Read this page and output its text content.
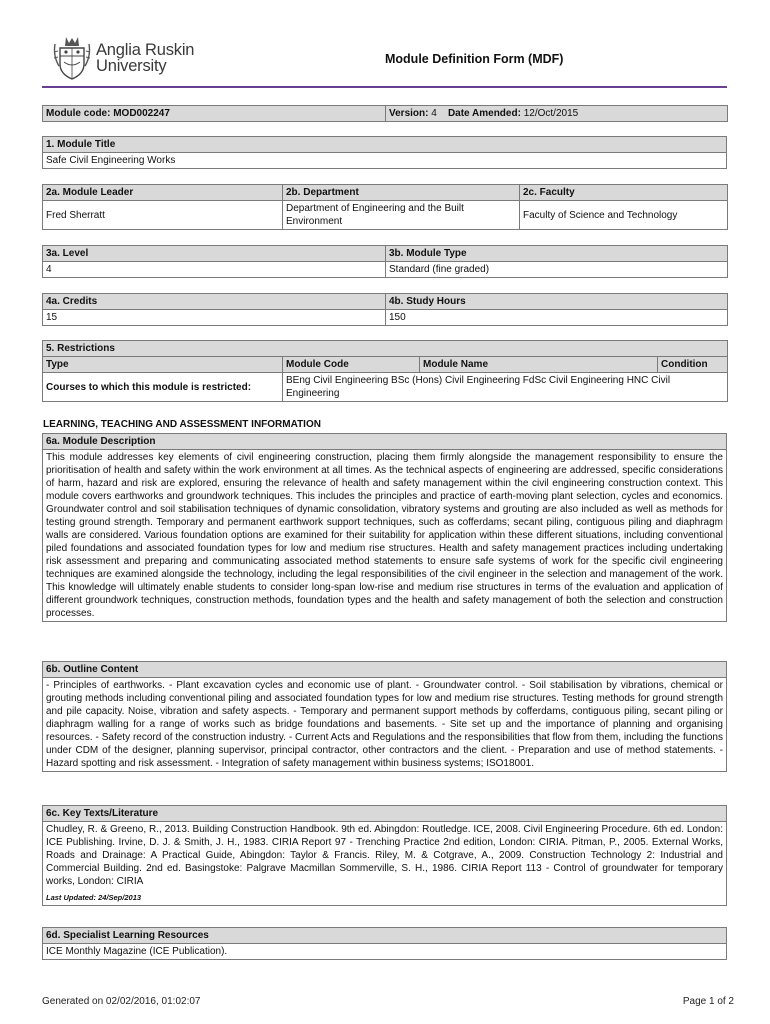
Anglia Ruskin
University	Module Definition Form (MDF)
Module code: MOD002247	Version: 4 Date Amended: 12/Oct/2015
1. Module Title
Safe Civil Engineering Works
2a. Module Leader	2b. Department	2c. Faculty
Fred Sherratt	Department of Engineering and the Built Environment	Faculty of Science and Technology
3a. Level	3b. Module Type
4	Standard (fine graded)
4a. Credits	4b. Study Hours
15	150
5. Restrictions			
Type	Module Code	Module Name	Condition
Courses to which this module is restricted:	BEng Civil Engineering BSc (Hons) Civil Engineering FdSc Civil Engineering HNC Civil Engineering		
LEARNING, TEACHING AND ASSESSMENT INFORMATION
6a. Module Description
This module addresses key elements of civil engineering construction, placing them firmly alongside the management responsibility to ensure the prioritisation of health and safety within the work environment at all times. As the technical aspects of engineering are addressed, specific considerations of harm, hazard and risk are explored, ensuring the relevance of health and safety management within the civil engineering construction context. This module covers earthworks and groundwork techniques. This includes the principles and practice of earth-moving plant selection, cycles and economics. Groundwater control and soil stabilisation techniques of dynamic consolidation, vibratory systems and grouting are also included as well as methods for testing ground strength. Temporary and permanent earthwork support techniques, such as cofferdams; secant piling, contiguous piling and diaphragm walls are considered. Various foundation options are examined for their suitability for application within these different situations, including conventional piled foundations and associated foundation types for low and medium rise structures. Health and safety management practices including undertaking risk assessment and preparing and communicating associated method statements to ensure safe systems of work for the specific civil engineering techniques are examined alongside the technology, including the legal responsibilities of the civil engineer in the selection and management of the work. This knowledge will ultimately enable students to consider long-span low-rise and medium rise structures in terms of the evaluation and application of different groundwork techniques, construction methods, foundation types and the health and safety management of both the selection and construction processes.
6b. Outline Content
- Principles of earthworks. - Plant excavation cycles and economic use of plant. - Groundwater control. - Soil stabilisation by vibrations, chemical or grouting methods including conventional piling and associated foundation types for low and medium rise structures. Testing methods for ground strength and pile capacity. Noise, vibration and safety aspects. - Temporary and permanent support methods by cofferdams, contiguous piling, secant piling or diaphragm walling for a range of works such as bridge foundations and basements. - Site set up and the importance of planning and organising resources. - Safety record of the construction industry. - Current Acts and Regulations and the responsibilities that flow from them, including the functions under CDM of the designer, planning supervisor, principal contractor, other contractors and the client. - Preparation and use of method statements. - Hazard spotting and risk assessment. - Integration of safety management within business systems; ISO18001.
6c. Key Texts/Literature
Chudley, R. & Greeno, R., 2013. Building Construction Handbook. 9th ed. Abingdon: Routledge. ICE, 2008. Civil Engineering Procedure. 6th ed. London: ICE Publishing. Irvine, D. J. & Smith, J. H., 1983. CIRIA Report 97 - Trenching Practice 2nd edition, London: CIRIA. Pitman, P., 2005. External Works, Roads and Drainage: A Practical Guide, Abingdon: Taylor & Francis. Riley, M. & Cotgrave, A., 2009. Construction Technology 2: Industrial and Commercial Building. 2nd ed. Basingstoke: Palgrave Macmillan Sommerville, S. H., 1986. CIRIA Report 113 - Control of groundwater for temporary works, London: CIRIA
Last Updated: 24/Sep/2013
6d. Specialist Learning Resources
ICE Monthly Magazine (ICE Publication).
Generated on 02/02/2016, 01:02:07	Page 1 of 2
